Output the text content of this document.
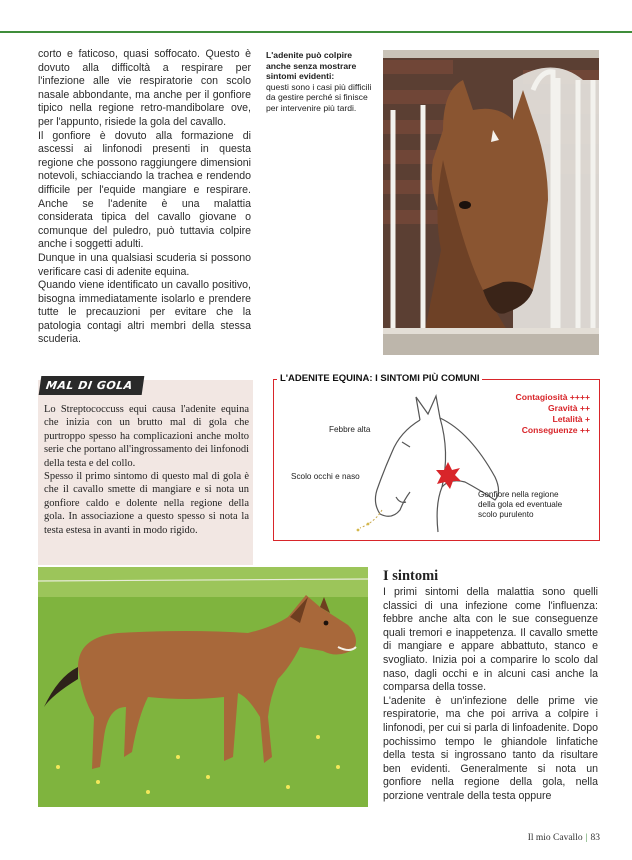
corto e faticoso, quasi soffocato. Questo è dovuto alla difficoltà a respirare per l'infezione alle vie respiratorie con scolo nasale abbondante, ma anche per il gonfiore tipico nella regione retro-mandibolare ove, per l'appunto, risiede la gola del cavallo.

Il gonfiore è dovuto alla formazione di ascessi ai linfonodi presenti in questa regione che possono raggiungere dimensioni notevoli, schiacciando la trachea e rendendo difficile per l'equide mangiare e respirare. Anche se l'adenite è una malattia considerata tipica del cavallo giovane o comunque del puledro, può tuttavia colpire anche i soggetti adulti.

Dunque in una qualsiasi scuderia si possono verificare casi di adenite equina.

Quando viene identificato un cavallo positivo, bisogna immediatamente isolarlo e prendere tutte le precauzioni per evitare che la patologia contagi altri membri della stessa scuderia.

L'adenite può colpire anche senza mostrare sintomi evidenti:
questi sono i casi più difficili da gestire perché si finisce per intervenire più tardi.
MAL DI GOLA

Lo Streptococcuss equi causa l'adenite equina che inizia con un brutto mal di gola che purtroppo spesso ha complicazioni anche molto serie che portano all'ingrossamento dei linfonodi della testa e del collo.

Spesso il primo sintomo di questo mal di gola è che il cavallo smette di mangiare e si nota un gonfiore caldo e dolente nella regione della gola. In associazione a questo spesso si nota la testa estesa in avanti in modo rigido.

L'ADENITE EQUINA: I SINTOMI PIÙ COMUNI
Febbre alta
Scolo occhi e naso
Gonfiore nella regione della gola ed eventuale scolo purulento
Contagiosità ++++
Gravità ++
Letalità +
Conseguenze ++
I sintomi

I primi sintomi della malattia sono quelli classici di una infezione come l'influenza: febbre anche alta con le sue conseguenze quali tremori e inappetenza. Il cavallo smette di mangiare e appare abbattuto, stanco e svogliato. Inizia poi a comparire lo scolo dal naso, dagli occhi e in alcuni casi anche la comparsa della tosse.

L'adenite è un'infezione delle prime vie respiratorie, ma che poi arriva a colpire i linfonodi, per cui si parla di linfoadenite. Dopo pochissimo tempo le ghiandole linfatiche della testa si ingrossano tanto da risultare ben evidenti. Generalmente si nota un gonfiore nella regione della gola, nella porzione ventrale della testa oppure

Il mio Cavallo | 83
